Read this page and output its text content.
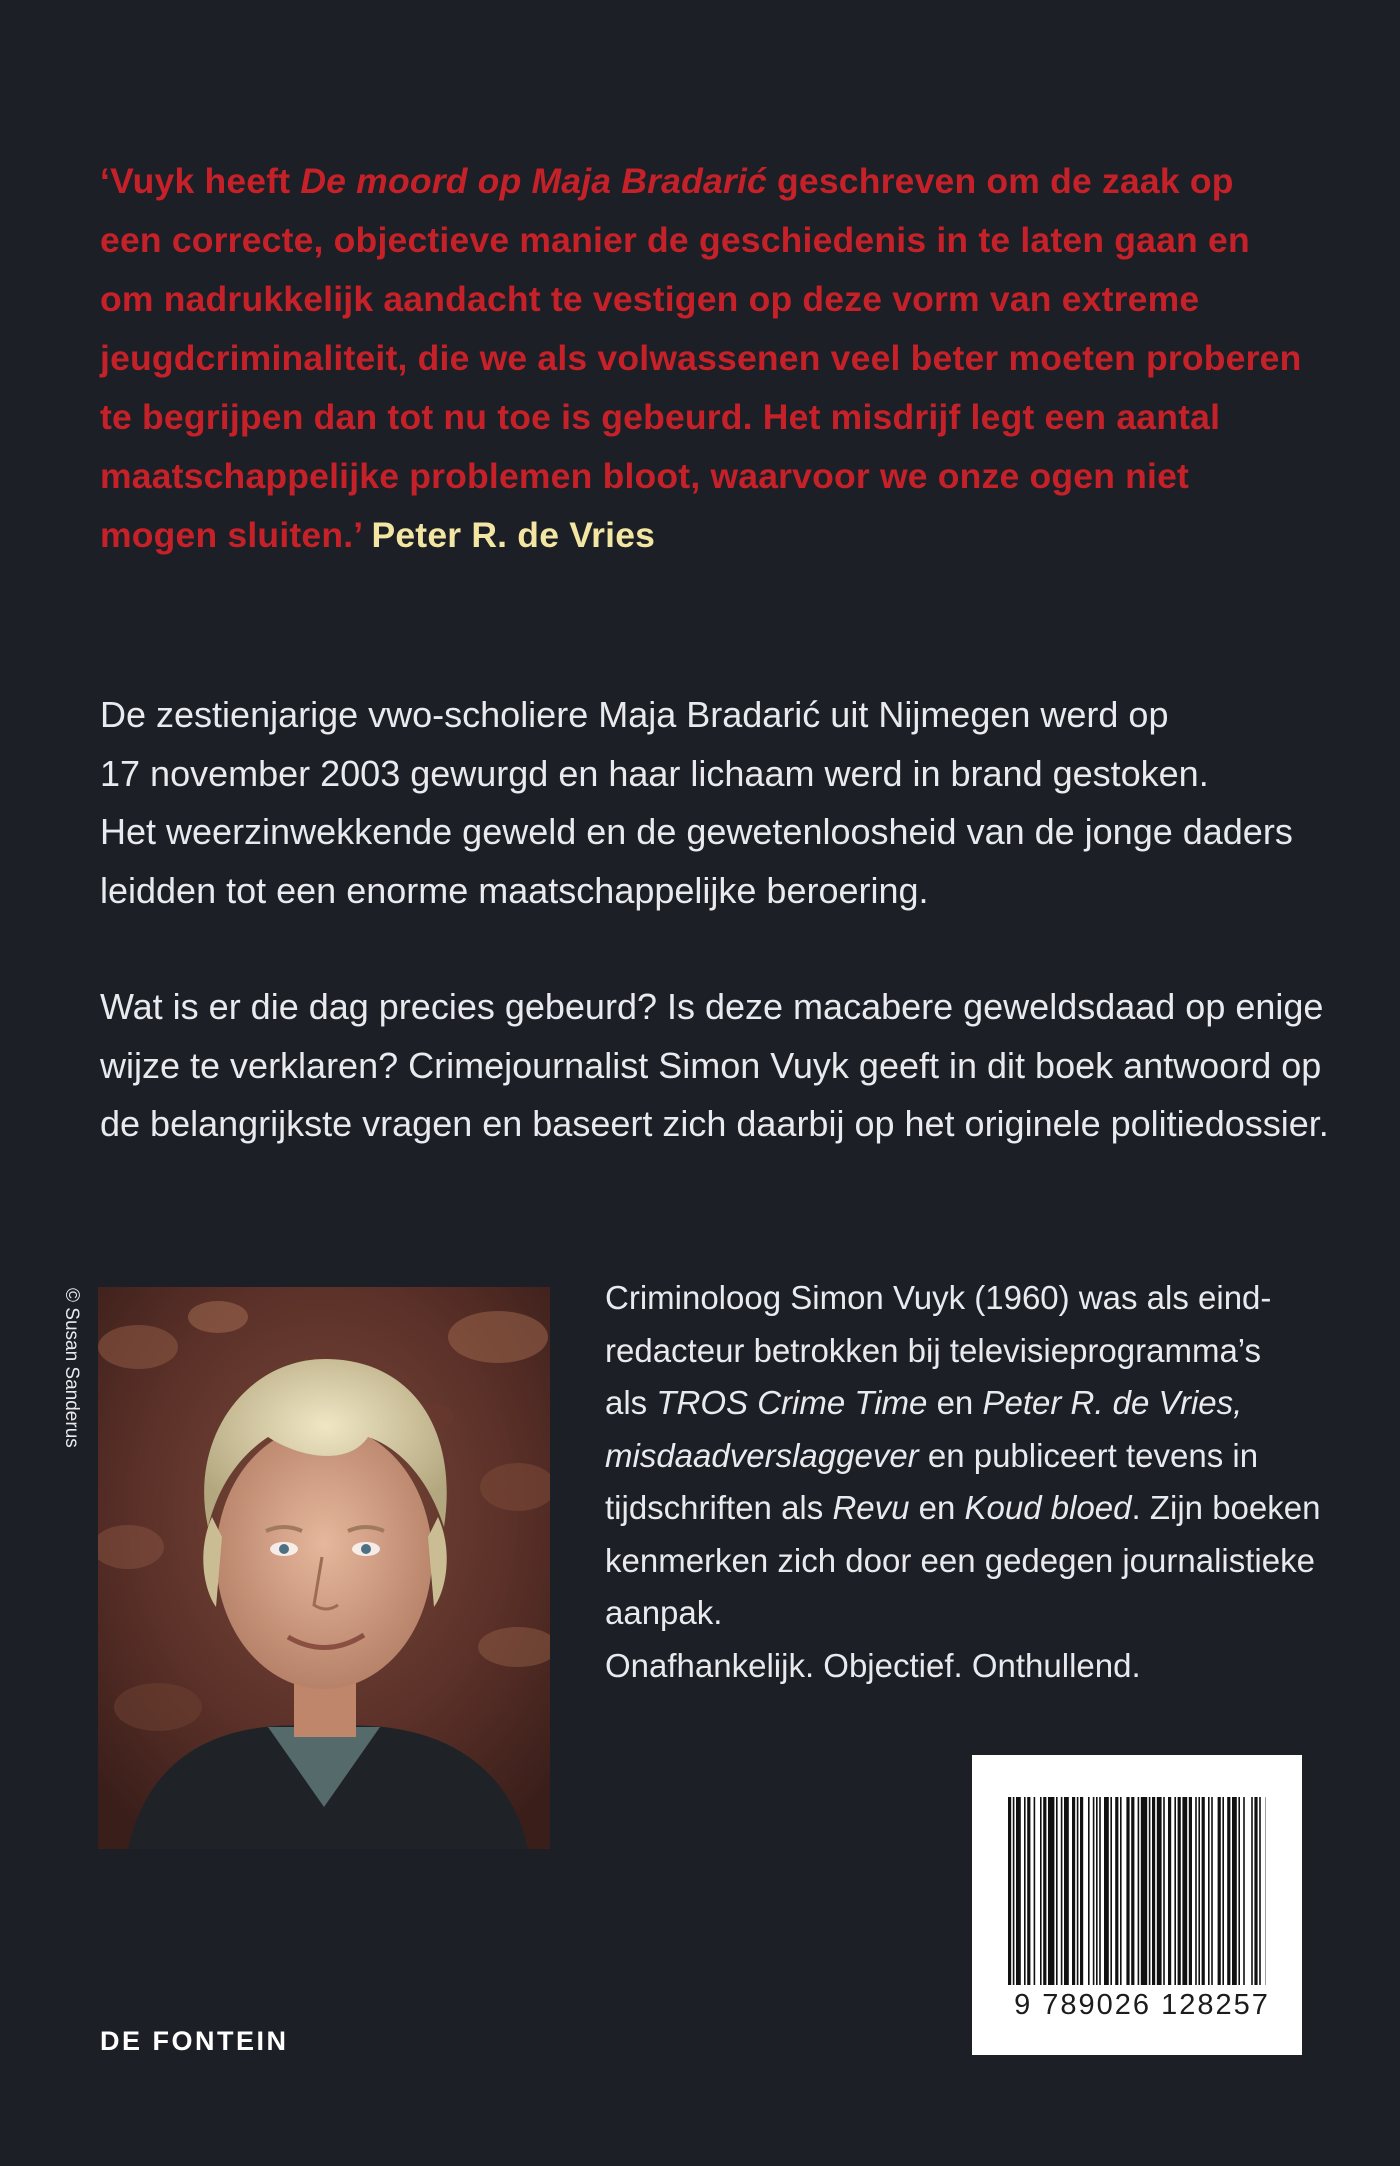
‘Vuyk heeft De moord op Maja Bradarić geschreven om de zaak op
een correcte, objectieve manier de geschiedenis in te laten gaan en
om nadrukkelijk aandacht te vestigen op deze vorm van extreme
jeugdcriminaliteit, die we als volwassenen veel beter moeten proberen
te begrijpen dan tot nu toe is gebeurd. Het misdrijf legt een aantal
maatschappelijke problemen bloot, waarvoor we onze ogen niet
mogen sluiten.’ Peter R. de Vries
De zestienjarige vwo-scholiere Maja Bradarić uit Nijmegen werd op
17 november 2003 gewurgd en haar lichaam werd in brand gestoken.
Het weerzinwekkende geweld en de gewetenloosheid van de jonge daders
leidden tot een enorme maatschappelijke beroering.
Wat is er die dag precies gebeurd? Is deze macabere geweldsdaad op enige
wijze te verklaren? Crimejournalist Simon Vuyk geeft in dit boek antwoord op
de belangrijkste vragen en baseert zich daarbij op het originele politiedossier.
© Susan Sanderus	Criminoloog Simon Vuyk (1960) was als eind-
redacteur betrokken bij televisieprogramma’s
als TROS Crime Time en Peter R. de Vries,
misdaadverslaggever en publiceert tevens in
tijdschriften als Revu en Koud bloed. Zijn boeken
kenmerken zich door een gedegen journalistieke
aanpak.
Onafhankelijk. Objectief. Onthullend.
9 789026 128257
DE FONTEIN
